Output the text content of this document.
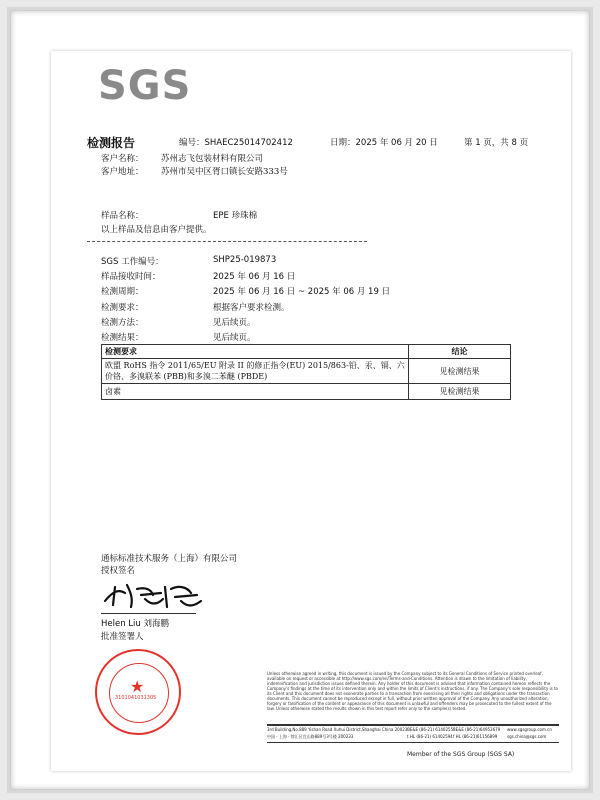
SGS
检测报告	编号：SHAEC25014702412	日期：2025 年 06 月 20 日	第 1 页，共 8 页
客户名称： 苏州志飞包装材料有限公司
客户地址： 苏州市吴中区胥口镇长安路333号
样品名称：	EPE 珍珠棉
以上样品及信息由客户提供。
SGS 工作编号：	SHP25-019873
样品接收时间：	2025 年 06 月 16 日
检测周期：	2025 年 06 月 16 日 ~ 2025 年 06 月 19 日
检测要求：	根据客户要求检测。
检测方法：	见后续页。
检测结果：	见后续页。
检测要求	结论
欧盟 RoHS 指令 2011/65/EU 附录 II 的修正指令(EU) 2015/863-铅、汞、镉、六价铬、多溴联苯 (PBB)和多溴二苯醚 (PBDE)	见检测结果
卤素	见检测结果
通标标准技术服务（上海）有限公司
授权签名
Helen Liu 刘海鹏
批准签署人
★
3101041031305
Unless otherwise agreed in writing, this document is issued by the Company subject to its General Conditions of Service printed overleaf, available on request or accessible at http://www.sgs.com/en/Terms-and-Conditions. Attention is drawn to the limitation of liability, indemnification and jurisdiction issues defined therein. Any holder of this document is advised that information contained hereon reflects the Company's findings at the time of its intervention only and within the limits of Client's instructions, if any. The Company's sole responsibility is to its Client and this document does not exonerate parties to a transaction from exercising all their rights and obligations under the transaction documents. This document cannot be reproduced except in full, without prior written approval of the Company. Any unauthorized alteration, forgery or falsification of the content or appearance of this document is unlawful and offenders may be prosecuted to the fullest extent of the law. Unless otherwise stated the results shown in this test report refer only to the sample(s) tested.
3rd Building,No.889 Yishan Road Xuhui District,Shanghai China 200233
中国 · 上海 · 徐汇区宜山路889号3号楼 200233
t E&E (86-21) 61402553
t HL (86-21) 61402594
f E&E (86-21)64953679
f HL (86-21)61156899
www.sgsgroup.com.cn
sgs.china@sgs.com
Member of the SGS Group (SGS SA)
